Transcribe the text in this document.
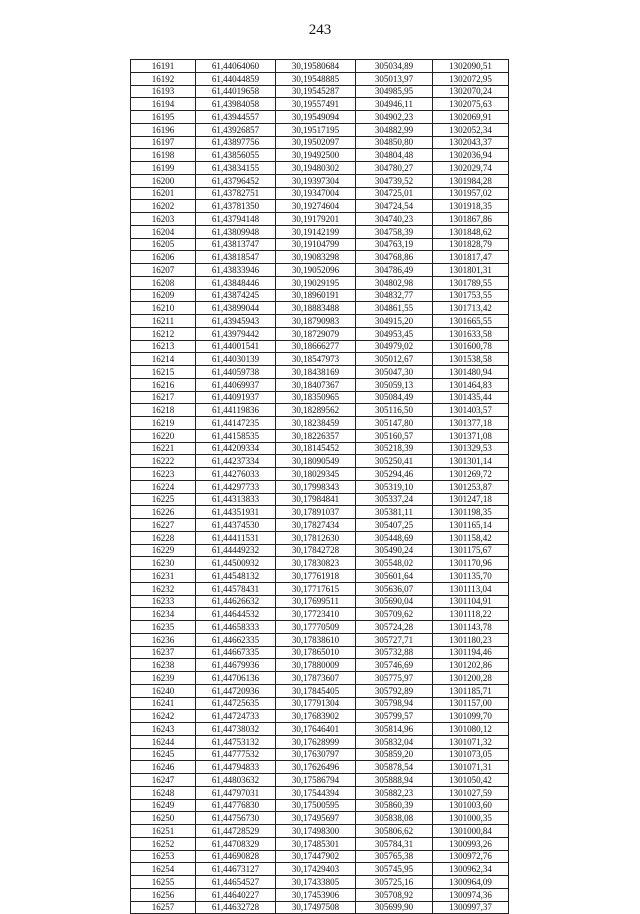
243
16191	61,44064060	30,19580684	305034,89	1302090,51
16192	61,44044859	30,19548885	305013,97	1302072,95
16193	61,44019658	30,19545287	304985,95	1302070,24
16194	61,43984058	30,19557491	304946,11	1302075,63
16195	61,43944557	30,19549094	304902,23	1302069,91
16196	61,43926857	30,19517195	304882,99	1302052,34
16197	61,43897756	30,19502097	304850,80	1302043,37
16198	61,43856055	30,19492500	304804,48	1302036,94
16199	61,43834155	30,19480302	304780,27	1302029,74
16200	61,43796452	30,19397304	304739,52	1301984,28
16201	61,43782751	30,19347004	304725,01	1301957,02
16202	61,43781350	30,19274604	304724,54	1301918,35
16203	61,43794148	30,19179201	304740,23	1301867,86
16204	61,43809948	30,19142199	304758,39	1301848,62
16205	61,43813747	30,19104799	304763,19	1301828,79
16206	61,43818547	30,19083298	304768,86	1301817,47
16207	61,43833946	30,19052096	304786,49	1301801,31
16208	61,43848446	30,19029195	304802,98	1301789,55
16209	61,43874245	30,18960191	304832,77	1301753,55
16210	61,43899044	30,18883488	304861,55	1301713,42
16211	61,43945943	30,18790983	304915,20	1301665,55
16212	61,43979442	30,18729079	304953,45	1301633,58
16213	61,44001541	30,18666277	304979,02	1301600,78
16214	61,44030139	30,18547973	305012,67	1301538,58
16215	61,44059738	30,18438169	305047,30	1301480,94
16216	61,44069937	30,18407367	305059,13	1301464,83
16217	61,44091937	30,18350965	305084,49	1301435,44
16218	61,44119836	30,18289562	305116,50	1301403,57
16219	61,44147235	30,18238459	305147,80	1301377,18
16220	61,44158535	30,18226357	305160,57	1301371,08
16221	61,44209334	30,18145452	305218,39	1301329,53
16222	61,44237334	30,18090549	305250,41	1301301,14
16223	61,44276033	30,18029345	305294,46	1301269,72
16224	61,44297733	30,17998343	305319,10	1301253,87
16225	61,44313833	30,17984841	305337,24	1301247,18
16226	61,44351931	30,17891037	305381,11	1301198,35
16227	61,44374530	30,17827434	305407,25	1301165,14
16228	61,44411531	30,17812630	305448,69	1301158,42
16229	61,44449232	30,17842728	305490,24	1301175,67
16230	61,44500932	30,17830823	305548,02	1301170,96
16231	61,44548132	30,17761918	305601,64	1301135,70
16232	61,44578431	30,17717615	305636,07	1301113,04
16233	61,44626632	30,17699511	305690,04	1301104,91
16234	61,44644532	30,17723410	305709,62	1301118,22
16235	61,44658333	30,17770509	305724,28	1301143,78
16236	61,44662335	30,17838610	305727,71	1301180,23
16237	61,44667335	30,17865010	305732,88	1301194,46
16238	61,44679936	30,17880009	305746,69	1301202,86
16239	61,44706136	30,17873607	305775,97	1301200,28
16240	61,44720936	30,17845405	305792,89	1301185,71
16241	61,44725635	30,17791304	305798,94	1301157,00
16242	61,44724733	30,17683902	305799,57	1301099,70
16243	61,44738032	30,17646401	305814,96	1301080,12
16244	61,44753132	30,17628999	305832,04	1301071,32
16245	61,44777532	30,17630797	305859,20	1301073,05
16246	61,44794833	30,17626496	305878,54	1301071,31
16247	61,44803632	30,17586794	305888,94	1301050,42
16248	61,44797031	30,17544394	305882,23	1301027,59
16249	61,44776830	30,17500595	305860,39	1301003,60
16250	61,44756730	30,17495697	305838,08	1301000,35
16251	61,44728529	30,17498300	305806,62	1301000,84
16252	61,44708329	30,17485301	305784,31	1300993,26
16253	61,44690828	30,17447902	305765,38	1300972,76
16254	61,44673127	30,17429403	305745,95	1300962,34
16255	61,44654527	30,17433805	305725,16	1300964,09
16256	61,44640227	30,17453906	305708,92	1300974,36
16257	61,44632728	30,17497508	305699,90	1300997,37
